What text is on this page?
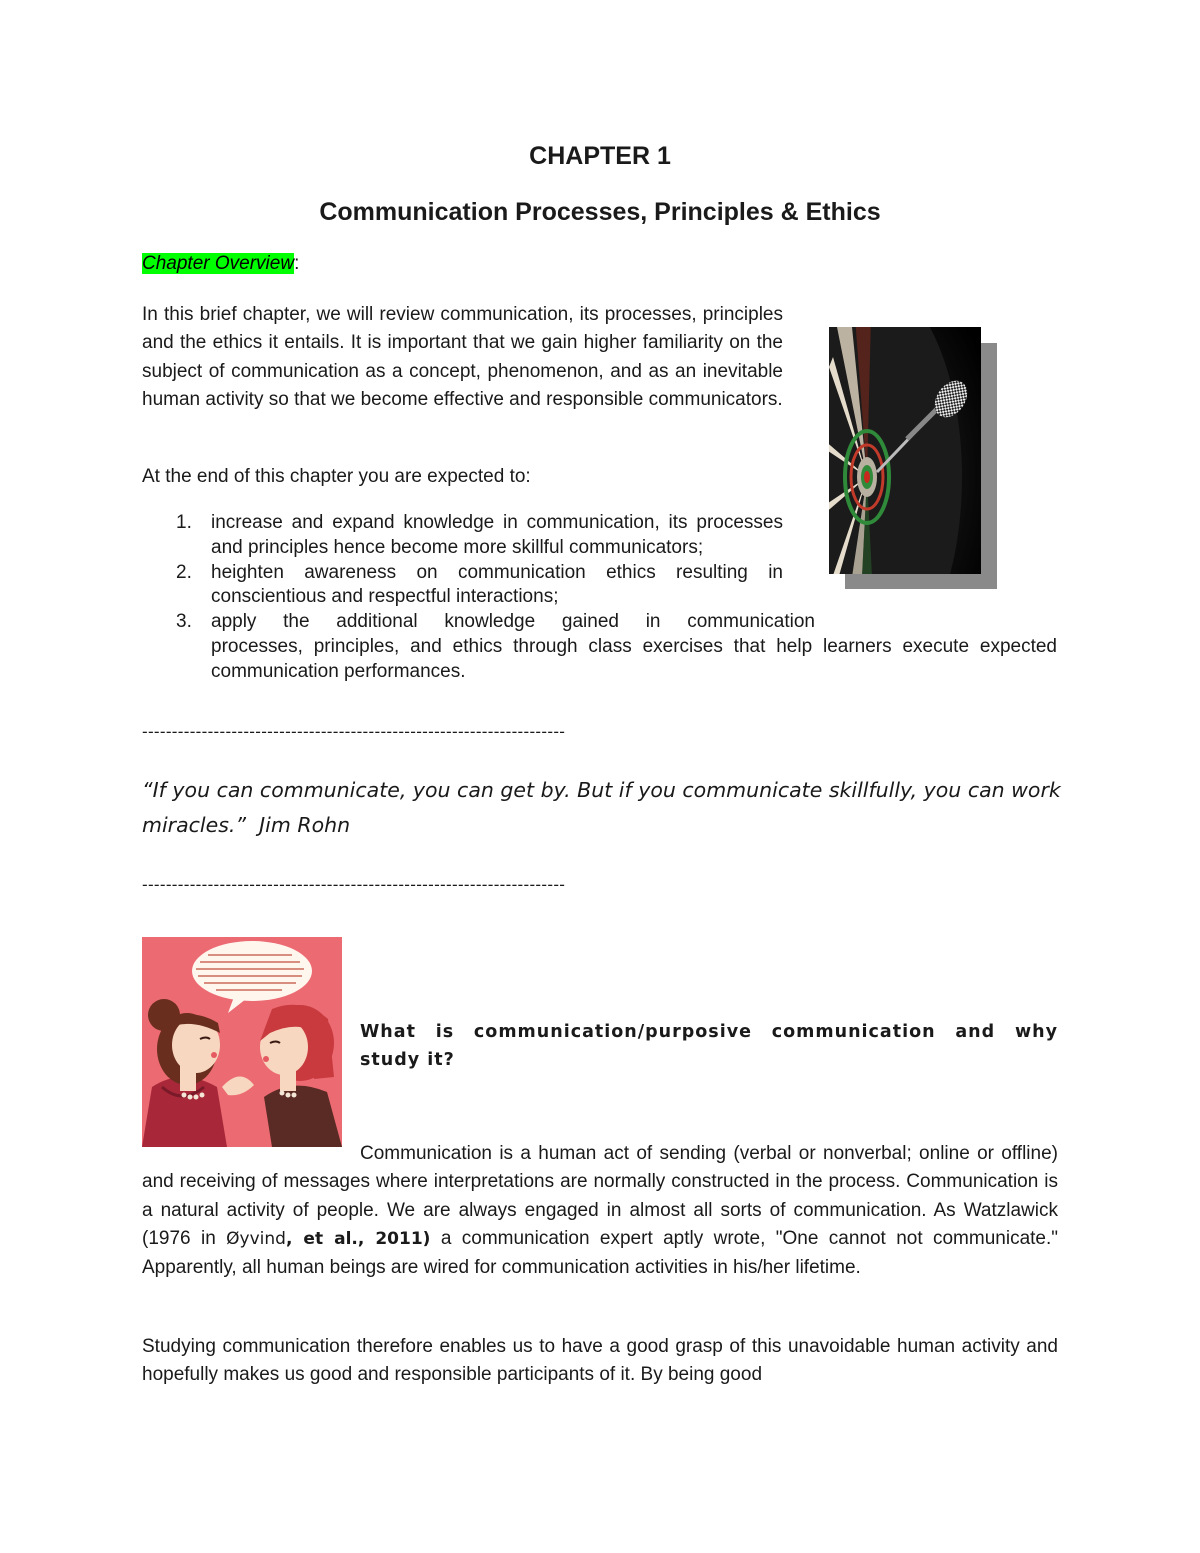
CHAPTER 1
Communication Processes, Principles & Ethics
Chapter Overview:
In this brief chapter, we will review communication, its processes, principles and the ethics it entails. It is important that we gain higher familiarity on the subject of communication as a concept, phenomenon, and as an inevitable human activity so that we become effective and responsible communicators.
At the end of this chapter you are expected to:
1. increase and expand knowledge in communication, its processes and principles hence become more skillful communicators;
2. heighten awareness on communication ethics resulting in conscientious and respectful interactions;
3. apply the additional knowledge gained in communication
processes, principles, and ethics through class exercises that help learners execute expected communication performances.
-----------------------------------------------------------------------
“If you can communicate, you can get by. But if you communicate skillfully, you can work miracles.” Jim Rohn
-----------------------------------------------------------------------
What is communication/purposive communication and why study it?
Communication is a human act of sending (verbal or nonverbal; online or offline) and receiving of messages where interpretations are normally constructed in the process. Communication is a natural activity of people. We are always engaged in almost all sorts of communication. As Watzlawick (1976 in Øyvind, et al., 2011) a communication expert aptly wrote, "One cannot not communicate." Apparently, all human beings are wired for communication activities in his/her lifetime.
Studying communication therefore enables us to have a good grasp of this unavoidable human activity and hopefully makes us good and responsible participants of it. By being good
